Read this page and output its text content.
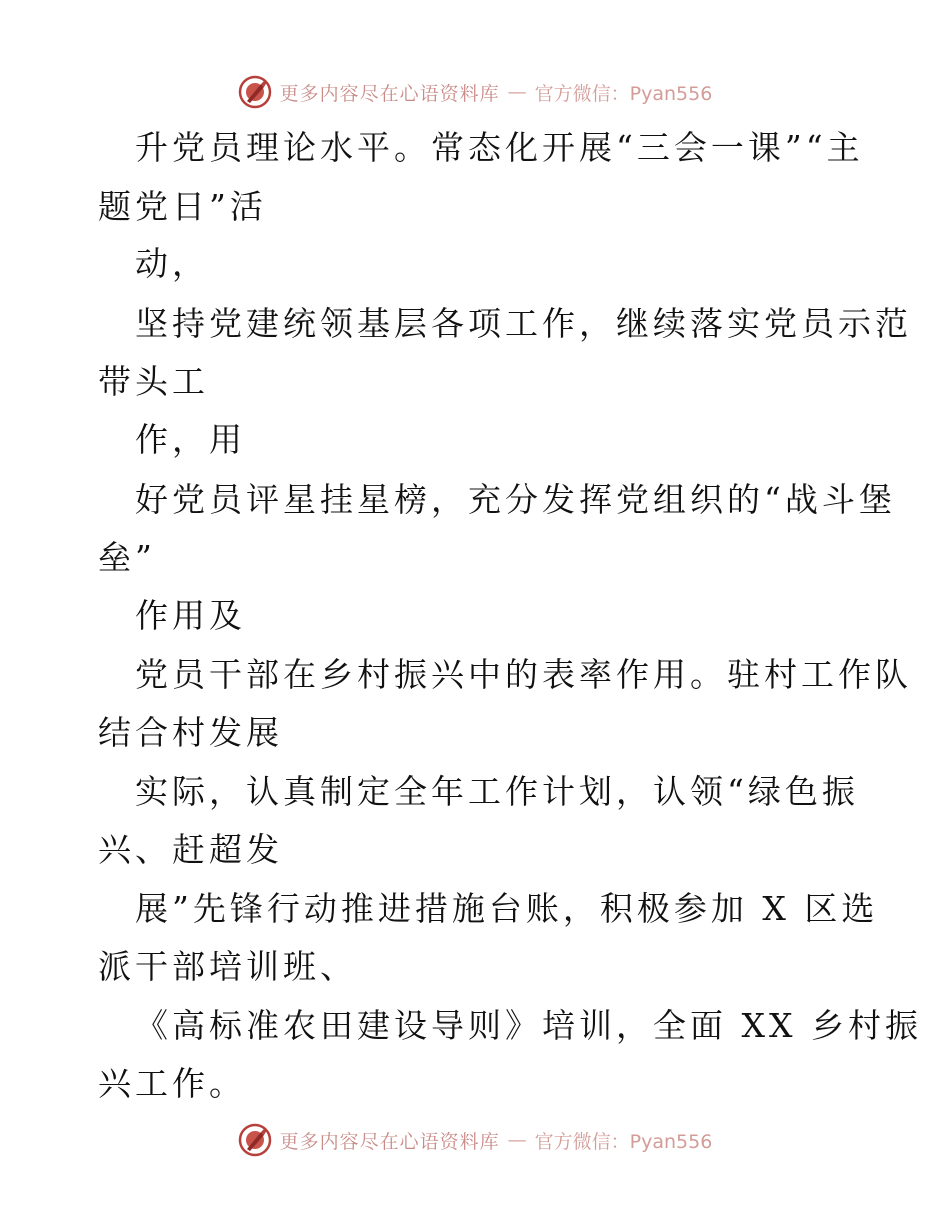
更多内容尽在心语资料库 — 官方微信：Pyan556
升党员理论水平。常态化开展“三会一课”“主
题党日”活
动，
坚持党建统领基层各项工作，继续落实党员示范
带头工
作，用
好党员评星挂星榜，充分发挥党组织的“战斗堡
垒”
作用及
党员干部在乡村振兴中的表率作用。驻村工作队
结合村发展
实际，认真制定全年工作计划，认领“绿色振
兴、赶超发
展”先锋行动推进措施台账，积极参加 X 区选
派干部培训班、
《高标准农田建设导则》培训，全面 XX 乡村振
兴工作。
更多内容尽在心语资料库 — 官方微信：Pyan556
